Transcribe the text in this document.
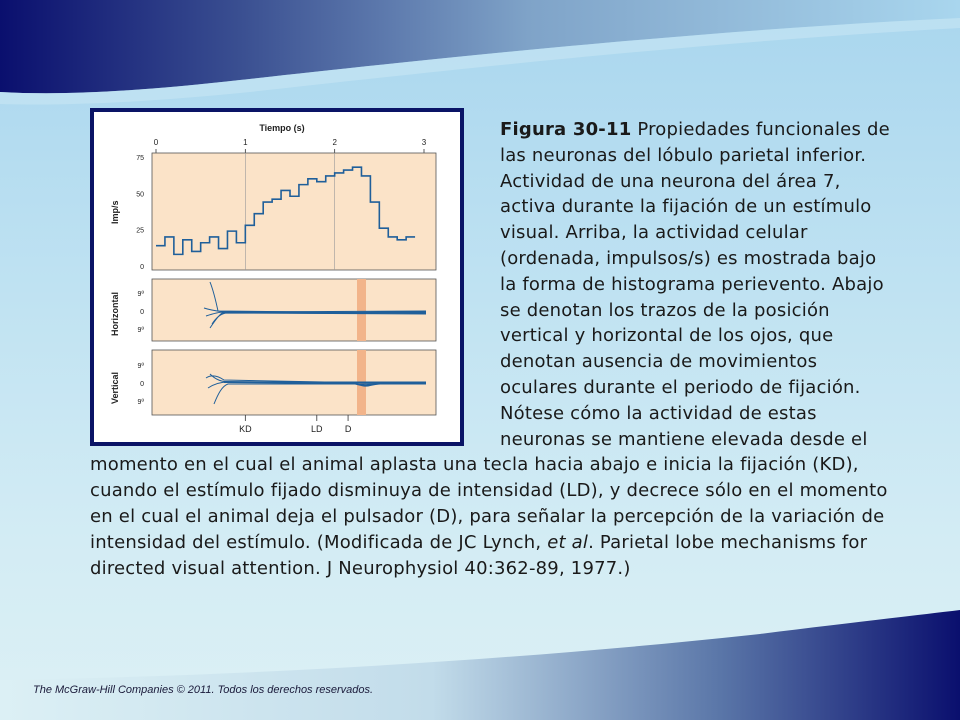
Tiempo (s)
0	1	2	3
75
50
25
0
Imp/s
Horizontal	9º
0
9º
Vertical
9º
0
9º
KD	LD D
Figura 30-11 Propiedades funcionales de las neuronas del lóbulo parietal inferior. Actividad de una neurona del área 7, activa durante la fijación de un estímulo visual. Arriba, la actividad celular (ordenada, impulsos/s) es mostrada bajo la forma de histograma perievento. Abajo se denotan los trazos de la posición vertical y horizontal de los ojos, que denotan ausencia de movimientos oculares durante el periodo de fijación. Nótese cómo la actividad de estas neuronas se mantiene elevada desde el momento en el cual el animal aplasta una tecla hacia abajo e inicia la fijación (KD), cuando el estímulo fijado disminuya de intensidad (LD), y decrece sólo en el momento en el cual el animal deja el pulsador (D), para señalar la percepción de la variación de intensidad del estímulo. (Modificada de JC Lynch, et al. Parietal lobe mechanisms for directed visual attention. J Neurophysiol 40:362-89, 1977.)
The McGraw-Hill Companies © 2011. Todos los derechos reservados.
